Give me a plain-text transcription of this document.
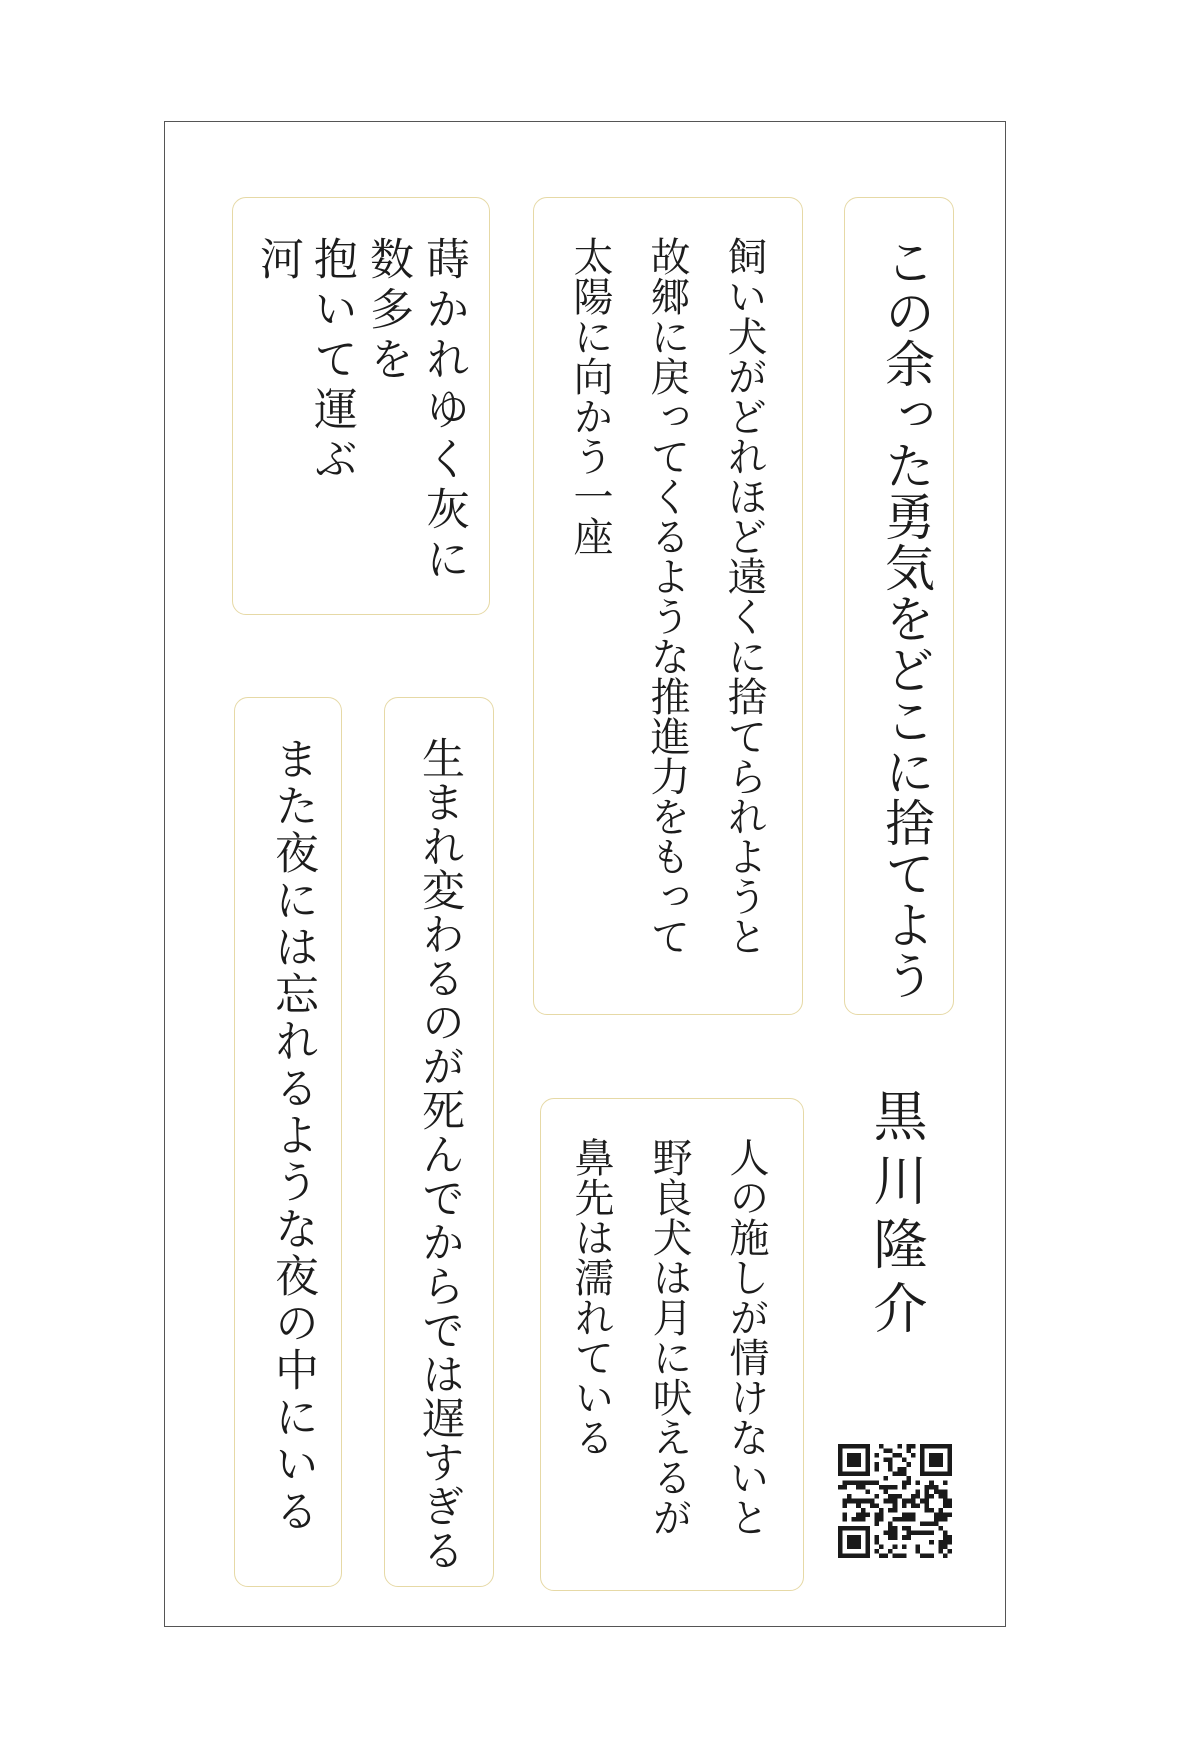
この余った勇気をどこに捨てよう
飼い犬がどれほど遠くに捨てられようと
故郷に戻ってくるような推進力をもって
太陽に向かう一座
蒔かれゆく灰に
数多を
抱いて運ぶ
河
人の施しが情けないと
野良犬は月に吠えるが
鼻先は濡れている
生まれ変わるのが死んでからでは遅すぎる
また夜には忘れるような夜の中にいる	黒川隆介
